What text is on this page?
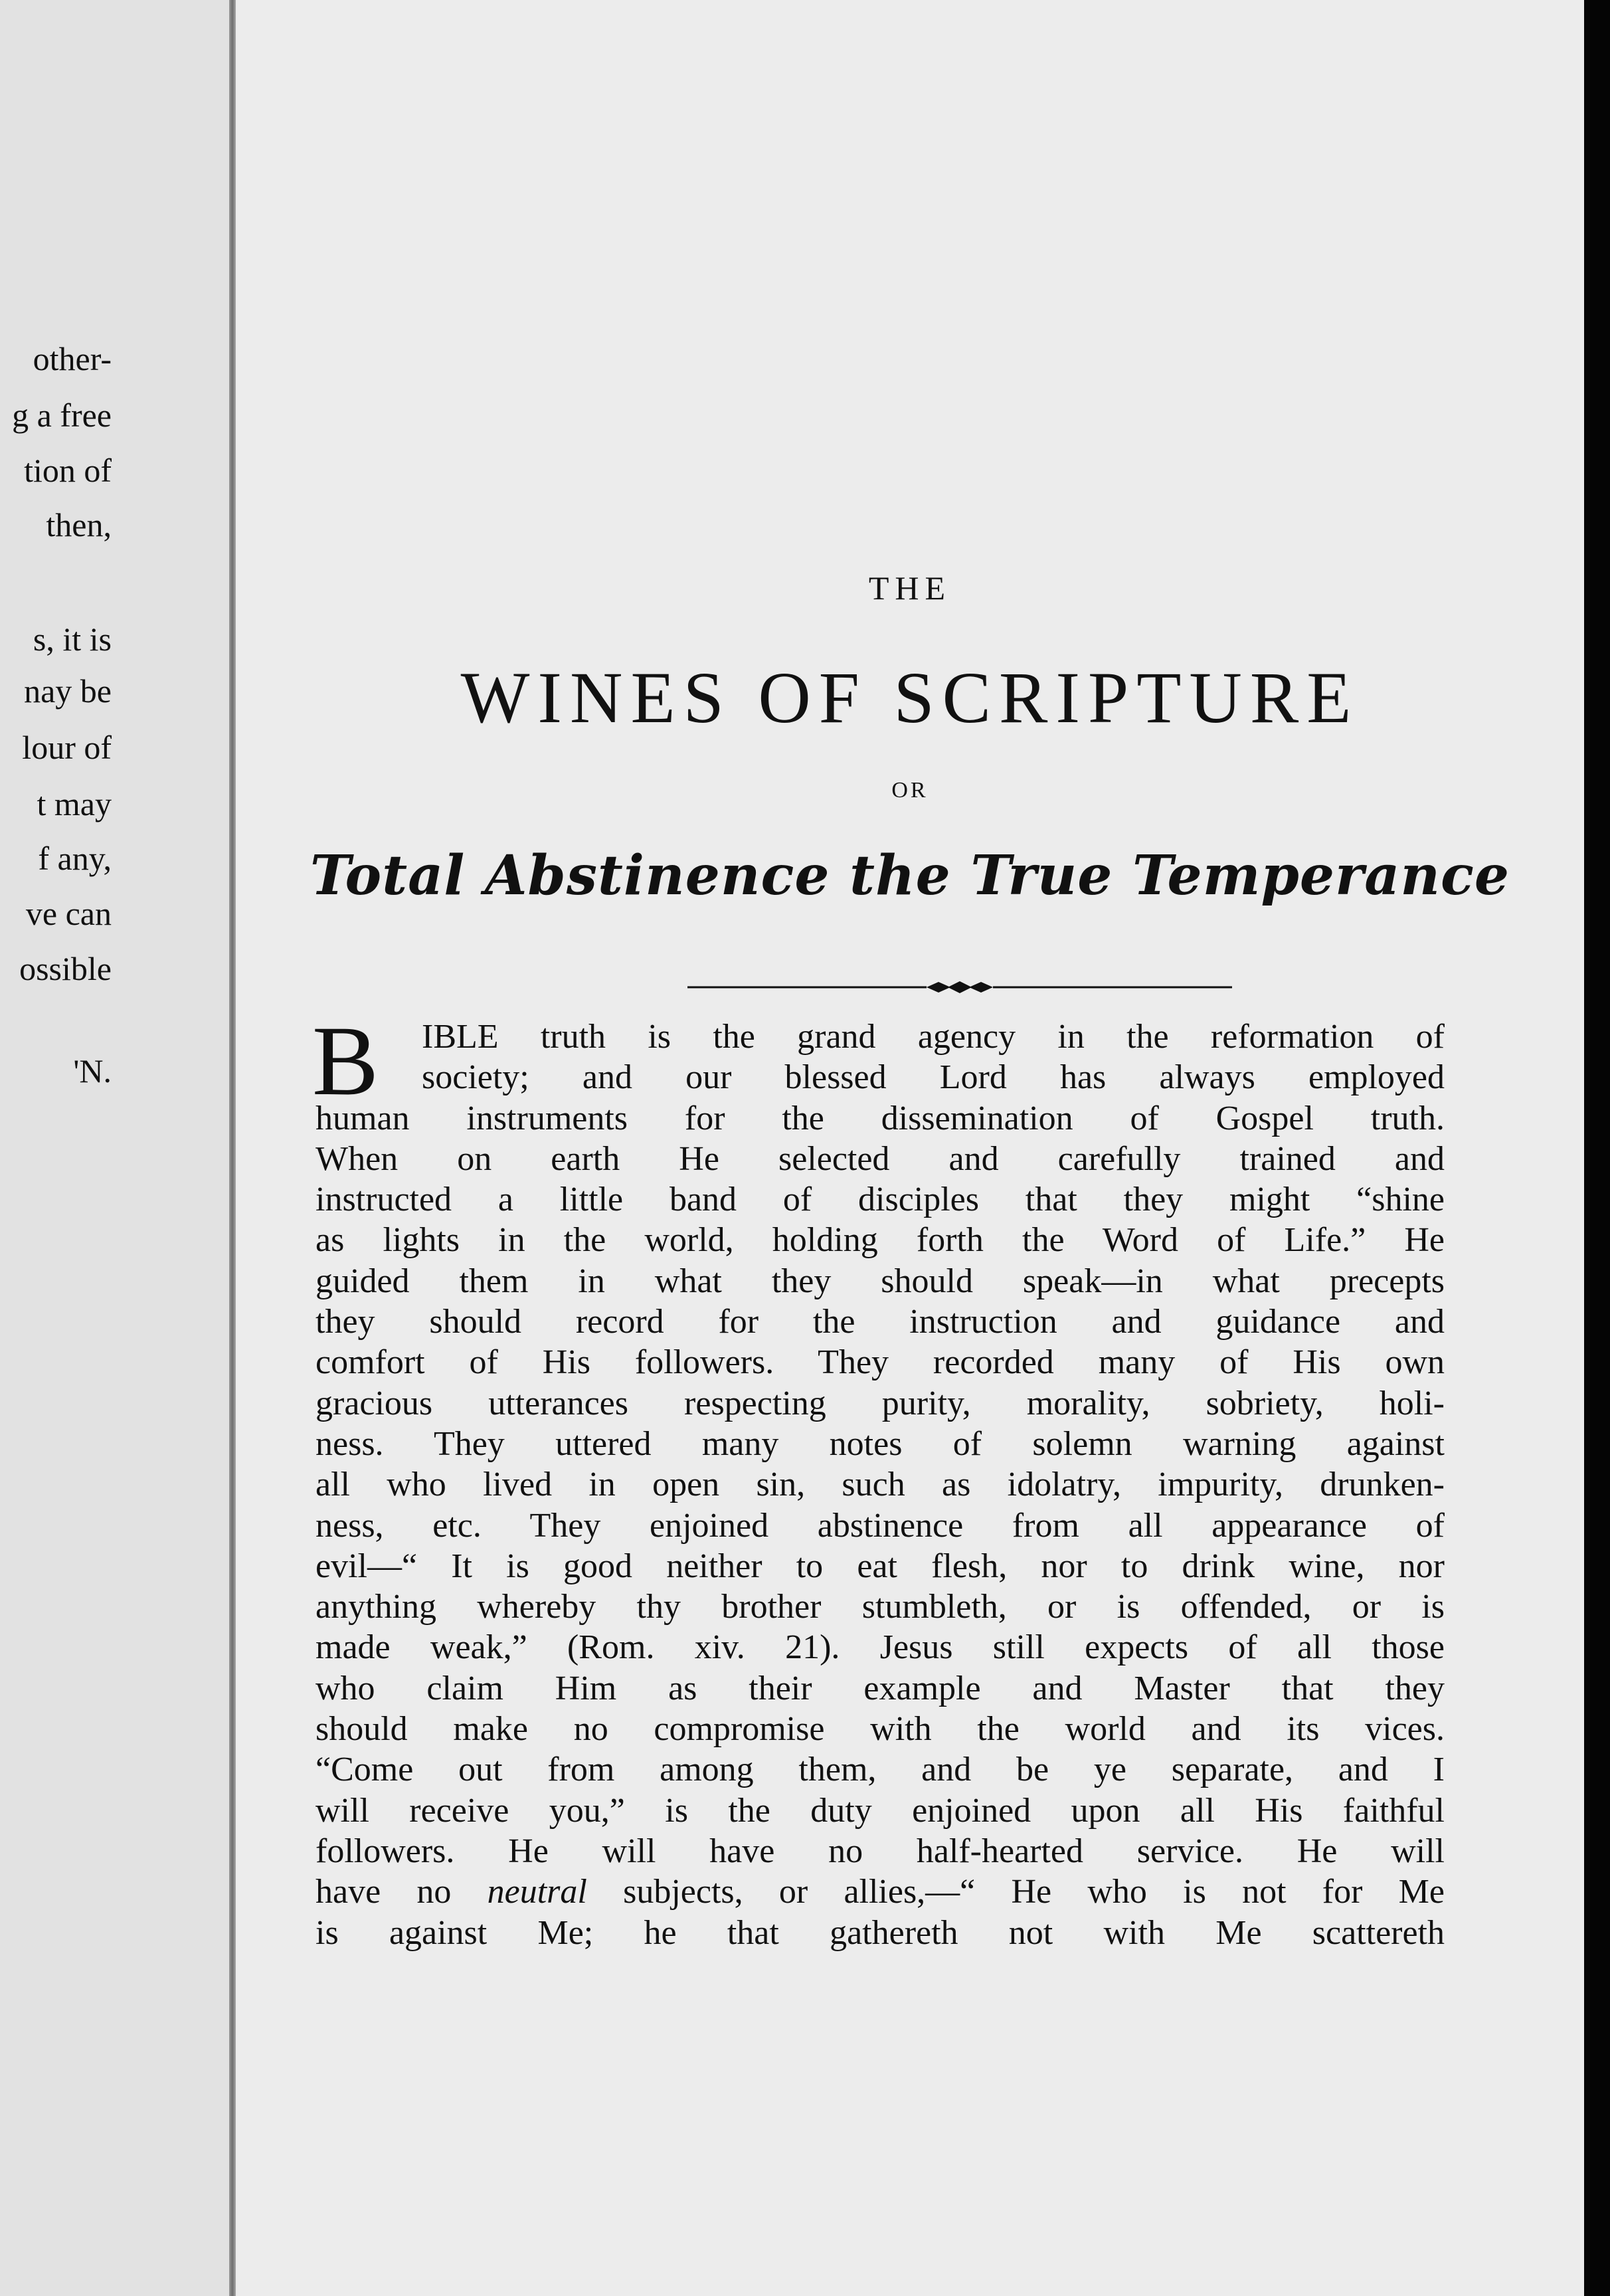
other-
g a free
tion of
then,
s, it is
nay be
lour of
t may
f any,
ve can
ossible
'N.
THE
WINES OF SCRIPTURE
OR
Total Abstinence the True Temperance
B IBLE truth is the grand agency in the reformation of
society; and our blessed Lord has always employed
human instruments for the dissemination of Gospel truth.
When on earth He selected and carefully trained and
instructed a little band of disciples that they might “shine
as lights in the world, holding forth the Word of Life.” He
guided them in what they should speak—in what precepts
they should record for the instruction and guidance and
comfort of His followers. They recorded many of His own
gracious utterances respecting purity, morality, sobriety, holi-
ness. They uttered many notes of solemn warning against
all who lived in open sin, such as idolatry, impurity, drunken-
ness, etc. They enjoined abstinence from all appearance of
evil—“ It is good neither to eat flesh, nor to drink wine, nor
anything whereby thy brother stumbleth, or is offended, or is
made weak,” (Rom. xiv. 21). Jesus still expects of all those
who claim Him as their example and Master that they
should make no compromise with the world and its vices.
“Come out from among them, and be ye separate, and I
will receive you,” is the duty enjoined upon all His faithful
followers. He will have no half-hearted service. He will
have no neutral subjects, or allies,—“ He who is not for Me
is against Me; he that gathereth not with Me scattereth
